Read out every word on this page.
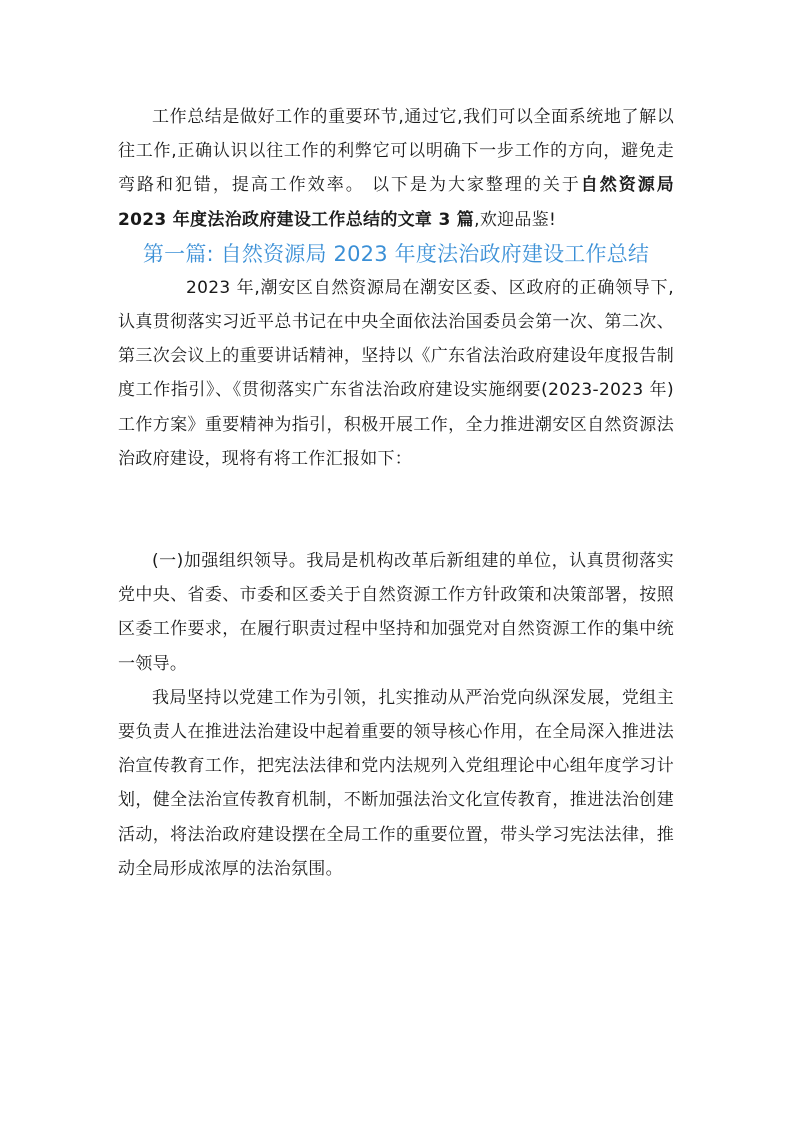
工作总结是做好工作的重要环节,通过它,我们可以全面系统地了解以往工作,正确认识以往工作的利弊它可以明确下一步工作的方向，避免走弯路和犯错，提高工作效率。 以下是为大家整理的关于自然资源局 2023 年度法治政府建设工作总结的文章 3 篇,欢迎品鉴!

第一篇: 自然资源局 2023 年度法治政府建设工作总结

2023 年,潮安区自然资源局在潮安区委、区政府的正确领导下,认真贯彻落实习近平总书记在中央全面依法治国委员会第一次、第二次、第三次会议上的重要讲话精神，坚持以《广东省法治政府建设年度报告制度工作指引》、《贯彻落实广东省法治政府建设实施纲要(2023-2023 年)工作方案》重要精神为指引，积极开展工作，全力推进潮安区自然资源法治政府建设，现将有将工作汇报如下：

(一)加强组织领导。我局是机构改革后新组建的单位，认真贯彻落实党中央、省委、市委和区委关于自然资源工作方针政策和决策部署，按照区委工作要求，在履行职责过程中坚持和加强党对自然资源工作的集中统一领导。

我局坚持以党建工作为引领，扎实推动从严治党向纵深发展，党组主要负责人在推进法治建设中起着重要的领导核心作用，在全局深入推进法治宣传教育工作，把宪法法律和党内法规列入党组理论中心组年度学习计划，健全法治宣传教育机制，不断加强法治文化宣传教育，推进法治创建活动，将法治政府建设摆在全局工作的重要位置，带头学习宪法法律，推动全局形成浓厚的法治氛围。
